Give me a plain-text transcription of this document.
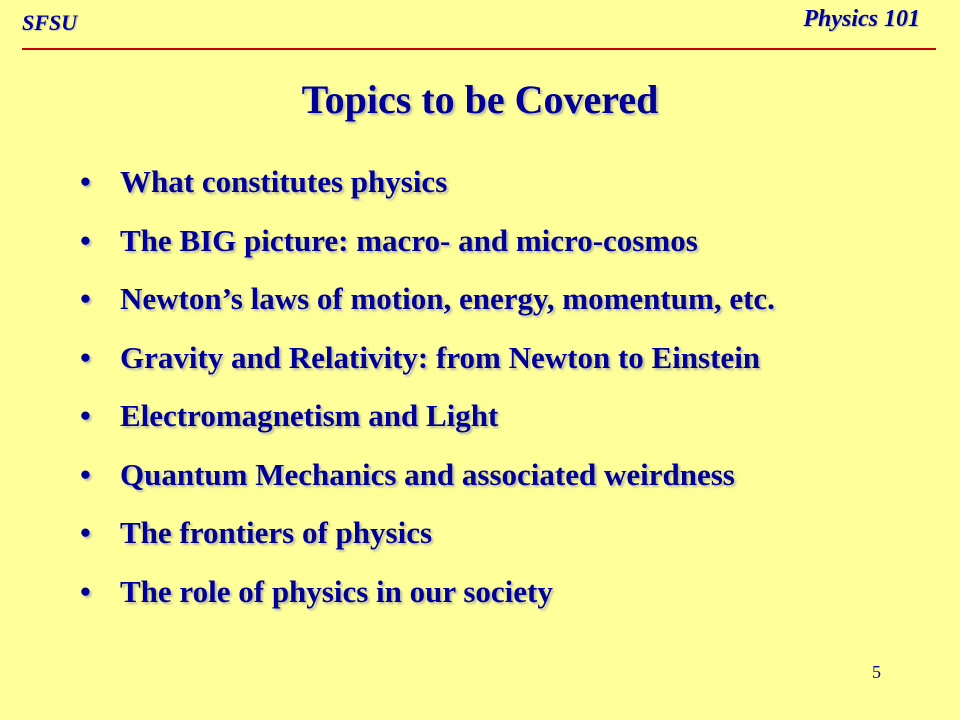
SFSU	Physics 101
Topics to be Covered
• What constitutes physics
• The BIG picture: macro- and micro-cosmos
• Newton’s laws of motion, energy, momentum, etc.
• Gravity and Relativity: from Newton to Einstein
• Electromagnetism and Light
• Quantum Mechanics and associated weirdness
• The frontiers of physics
• The role of physics in our society
5
